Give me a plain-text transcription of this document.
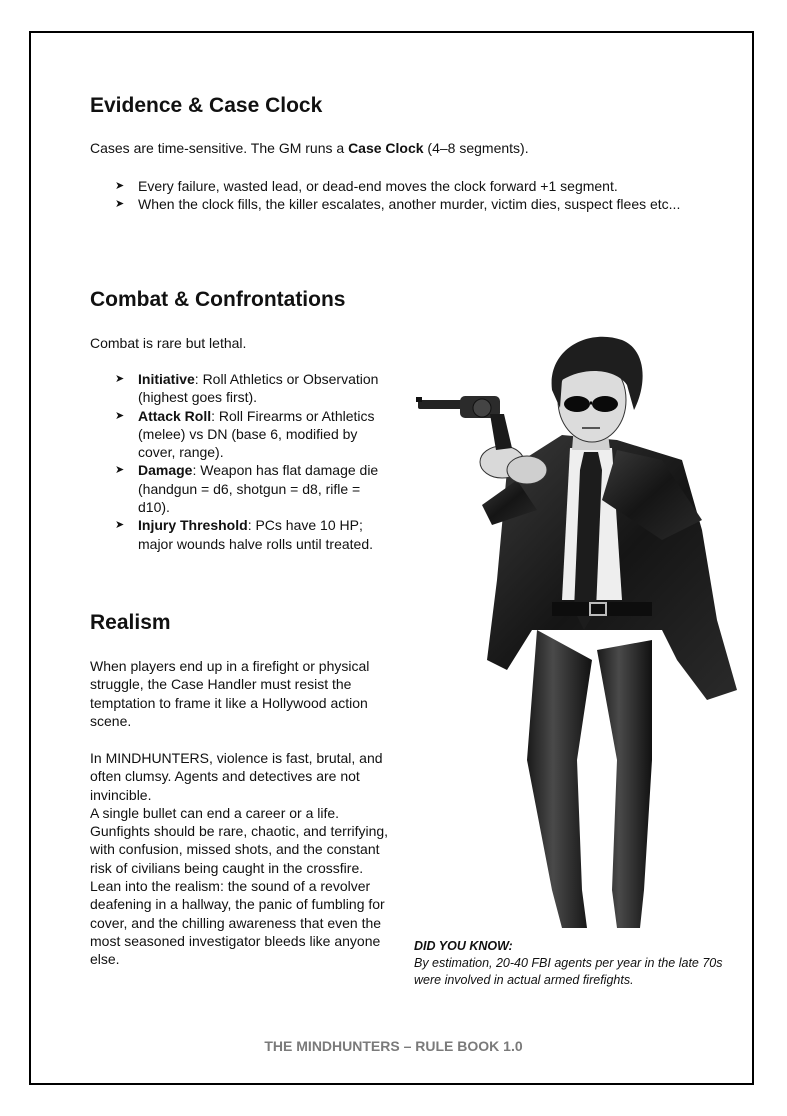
Evidence & Case Clock

Cases are time-sensitive. The GM runs a Case Clock (4–8 segments).

➤ Every failure, wasted lead, or dead-end moves the clock forward +1 segment.
➤ When the clock fills, the killer escalates, another murder, victim dies, suspect flees etc...
Combat & Confrontations

Combat is rare but lethal.

➤ Initiative: Roll Athletics or Observation (highest goes first).
➤ Attack Roll: Roll Firearms or Athletics (melee) vs DN (base 6, modified by cover, range).
➤ Damage: Weapon has flat damage die (handgun = d6, shotgun = d8, rifle = d10).
➤ Injury Threshold: PCs have 10 HP; major wounds halve rolls until treated.
Realism

When players end up in a firefight or physical struggle, the Case Handler must resist the temptation to frame it like a Hollywood action scene.

In MINDHUNTERS, violence is fast, brutal, and often clumsy. Agents and detectives are not invincible.

A single bullet can end a career or a life. Gunfights should be rare, chaotic, and terrifying, with confusion, missed shots, and the constant risk of civilians being caught in the crossfire. Lean into the realism: the sound of a revolver deafening in a hallway, the panic of fumbling for cover, and the chilling awareness that even the most seasoned investigator bleeds like anyone else.

DID YOU KNOW:
By estimation, 20-40 FBI agents per year in the late 70s were involved in actual armed firefights.
THE MINDHUNTERS – RULE BOOK 1.0
